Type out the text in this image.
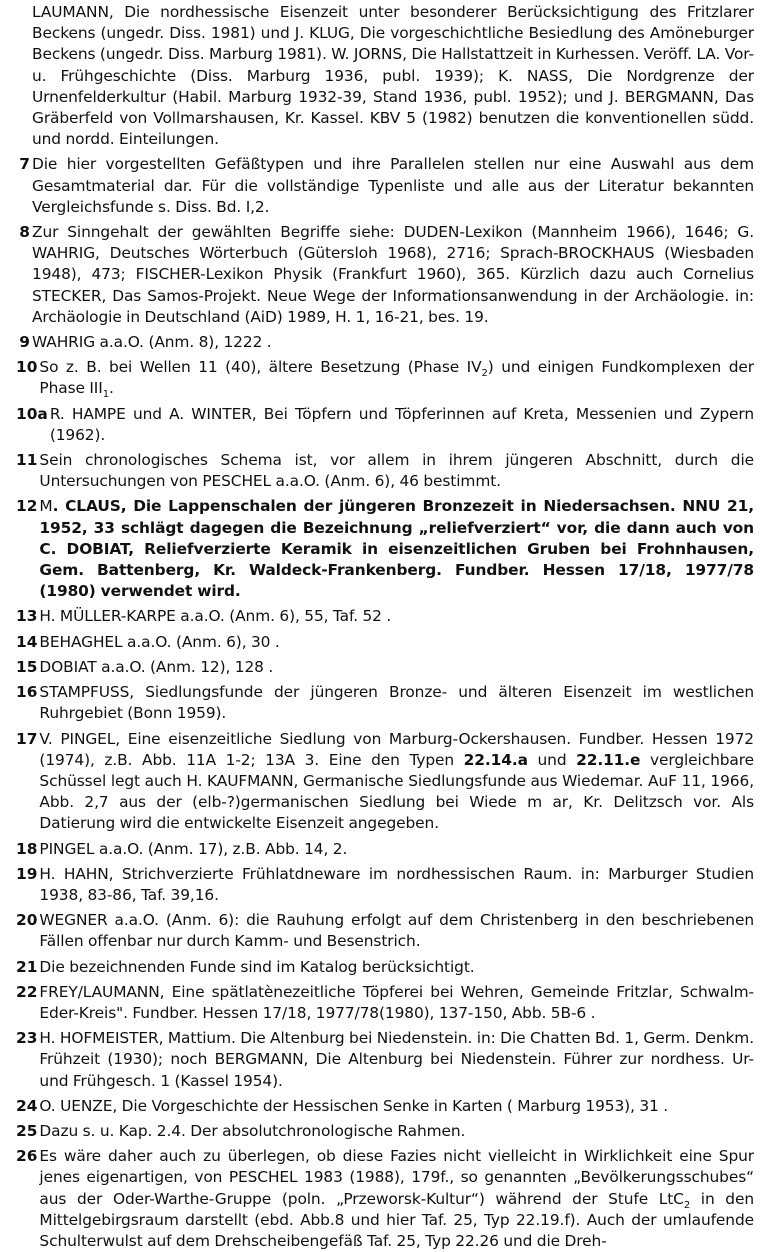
LAUMANN, Die nordhessische Eisenzeit unter besonderer Berücksichtigung des Fritzlarer Beckens (ungedr. Diss. 1981) und J. KLUG, Die vorgeschichtliche Besiedlung des Amöneburger Beckens (ungedr. Diss. Marburg 1981). W. JORNS, Die Hallstattzeit in Kurhessen. Veröff. LA. Vor- u. Frühgeschichte (Diss. Marburg 1936, publ. 1939); K. NASS, Die Nordgrenze der Urnenfelderkultur (Habil. Marburg 1932-39, Stand 1936, publ. 1952); und J. BERGMANN, Das Gräberfeld von Vollmarshausen, Kr. Kassel. KBV 5 (1982) benutzen die konventionellen südd. und nordd. Einteilungen.

7 Die hier vorgestellten Gefäßtypen und ihre Parallelen stellen nur eine Auswahl aus dem Gesamtmaterial dar. Für die vollständige Typenliste und alle aus der Literatur bekannten Vergleichsfunde s. Diss. Bd. I,2.
8 Zur Sinngehalt der gewählten Begriffe siehe: DUDEN-Lexikon (Mannheim 1966), 1646; G. WAHRIG, Deutsches Wörterbuch (Gütersloh 1968), 2716; Sprach-BROCKHAUS (Wiesbaden 1948), 473; FISCHER-Lexikon Physik (Frankfurt 1960), 365. Kürzlich dazu auch Cornelius STECKER, Das Samos-Projekt. Neue Wege der Informationsanwendung in der Archäologie. in: Archäologie in Deutschland (AiD) 1989, H. 1, 16-21, bes. 19.
9 WAHRIG a.a.O. (Anm. 8), 1222 .
10 So z. B. bei Wellen 11 (40), ältere Besetzung (Phase $IV_2$) und einigen Fundkomplexen der Phase $III_1$.
10a R. HAMPE und A. WINTER, Bei Töpfern und Töpferinnen auf Kreta, Messenien und Zypern (1962).
11 Sein chronologisches Schema ist, vor allem in ihrem jüngeren Abschnitt, durch die Untersuchungen von PESCHEL a.a.O. (Anm. 6), 46 bestimmt.
12 M. CLAUS, Die Lappenschalen der jüngeren Bronzezeit in Niedersachsen. NNU 21, 1952, 33 schlägt dagegen die Bezeichnung „reliefverziert“ vor, die dann auch von C. DOBIAT, Reliefverzierte Keramik in eisenzeitlichen Gruben bei Frohnhausen, Gem. Battenberg, Kr. Waldeck-Frankenberg. Fundber. Hessen 17/18, 1977/78 (1980) verwendet wird.
13 H. MÜLLER-KARPE a.a.O. (Anm. 6), 55, Taf. 52 .
14 BEHAGHEL a.a.O. (Anm. 6), 30 .
15 DOBIAT a.a.O. (Anm. 12), 128 .
16 STAMPFUSS, Siedlungsfunde der jüngeren Bronze- und älteren Eisenzeit im westlichen Ruhrgebiet (Bonn 1959).
17 V. PINGEL, Eine eisenzeitliche Siedlung von Marburg-Ockershausen. Fundber. Hessen 1972 (1974), z.B. Abb. 11A 1-2; 13A 3. Eine den Typen 22.14.a und 22.11.e vergleichbare Schüssel legt auch H. KAUFMANN, Germanische Siedlungsfunde aus Wiedemar. AuF 11, 1966, Abb. 2,7 aus der (elb-?)germanischen Siedlung bei Wiede m ar, Kr. Delitzsch vor. Als Datierung wird die entwickelte Eisenzeit angegeben.
18 PINGEL a.a.O. (Anm. 17), z.B. Abb. 14, 2.
19 H. HAHN, Strichverzierte Frühlatdneware im nordhessischen Raum. in: Marburger Studien 1938, 83-86, Taf. 39,16.
20 WEGNER a.a.O. (Anm. 6): die Rauhung erfolgt auf dem Christenberg in den beschriebenen Fällen offenbar nur durch Kamm- und Besenstrich.
21 Die bezeichnenden Funde sind im Katalog berücksichtigt.
22 FREY/LAUMANN, Eine spätlatènezeitliche Töpferei bei Wehren, Gemeinde Fritzlar, Schwalm-Eder-Kreis". Fundber. Hessen 17/18, 1977/78(1980), 137-150, Abb. 5B-6 .
23 H. HOFMEISTER, Mattium. Die Altenburg bei Niedenstein. in: Die Chatten Bd. 1, Germ. Denkm. Frühzeit (1930); noch BERGMANN, Die Altenburg bei Niedenstein. Führer zur nordhess. Ur- und Frühgesch. 1 (Kassel 1954).
24 O. UENZE, Die Vorgeschichte der Hessischen Senke in Karten ( Marburg 1953), 31 .
25 Dazu s. u. Kap. 2.4. Der absolutchronologische Rahmen.
26 Es wäre daher auch zu überlegen, ob diese Fazies nicht vielleicht in Wirklichkeit eine Spur jenes eigenartigen, von PESCHEL 1983 (1988), 179f., so genannten „Bevölkerungsschubes“ aus der Oder-Warthe-Gruppe (poln. „Przeworsk-Kultur“) während der Stufe LtC$_2$ in den Mittelgebirgsraum darstellt (ebd. Abb.8 und hier Taf. 25, Typ 22.19.f). Auch der umlaufende Schulterwulst auf dem Drehscheibengefäß Taf. 25, Typ 22.26 und die Dreh-
